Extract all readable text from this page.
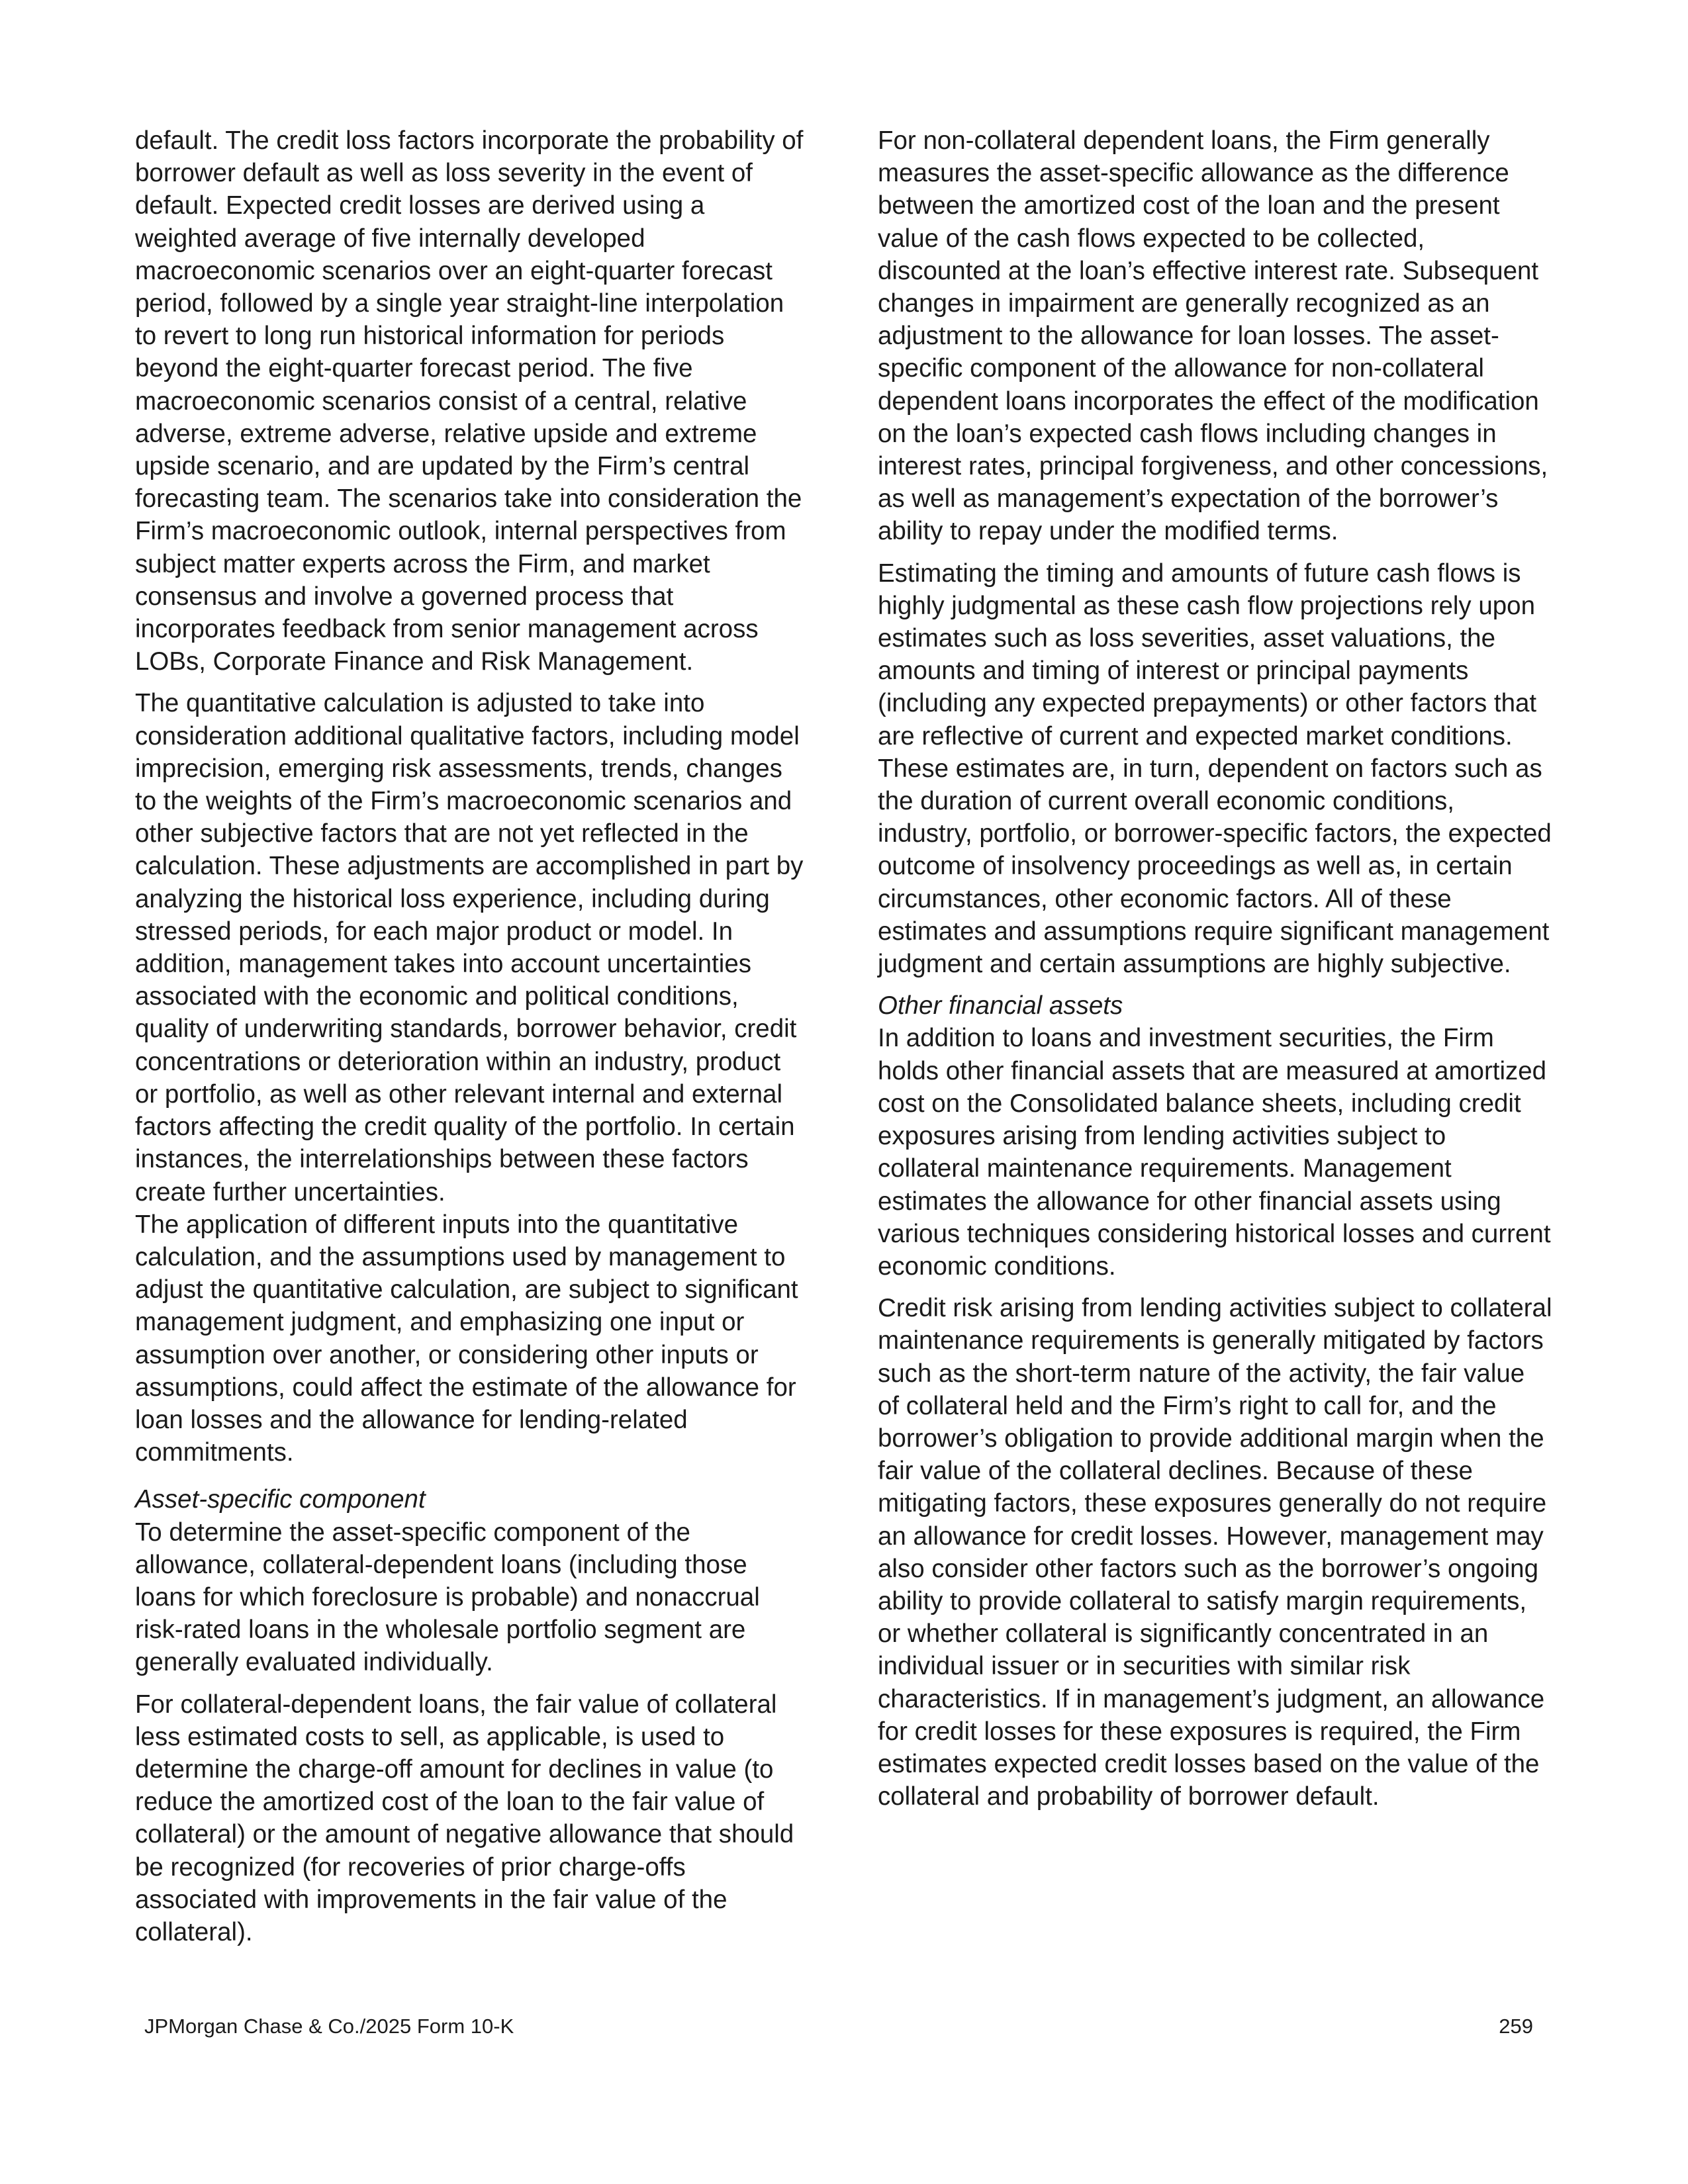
default. The credit loss factors incorporate the probability of borrower default as well as loss severity in the event of default. Expected credit losses are derived using a weighted average of five internally developed macroeconomic scenarios over an eight-quarter forecast period, followed by a single year straight-line interpolation to revert to long run historical information for periods beyond the eight-quarter forecast period. The five macroeconomic scenarios consist of a central, relative adverse, extreme adverse, relative upside and extreme upside scenario, and are updated by the Firm’s central forecasting team. The scenarios take into consideration the Firm’s macroeconomic outlook, internal perspectives from subject matter experts across the Firm, and market consensus and involve a governed process that incorporates feedback from senior management across LOBs, Corporate Finance and Risk Management.

The quantitative calculation is adjusted to take into consideration additional qualitative factors, including model imprecision, emerging risk assessments, trends, changes to the weights of the Firm’s macroeconomic scenarios and other subjective factors that are not yet reflected in the calculation. These adjustments are accomplished in part by analyzing the historical loss experience, including during stressed periods, for each major product or model. In addition, management takes into account uncertainties associated with the economic and political conditions, quality of underwriting standards, borrower behavior, credit concentrations or deterioration within an industry, product or portfolio, as well as other relevant internal and external factors affecting the credit quality of the portfolio. In certain instances, the interrelationships between these factors create further uncertainties.

The application of different inputs into the quantitative calculation, and the assumptions used by management to adjust the quantitative calculation, are subject to significant management judgment, and emphasizing one input or assumption over another, or considering other inputs or assumptions, could affect the estimate of the allowance for loan losses and the allowance for lending-related commitments.

Asset-specific component

To determine the asset-specific component of the allowance, collateral-dependent loans (including those loans for which foreclosure is probable) and nonaccrual risk-rated loans in the wholesale portfolio segment are generally evaluated individually.

For collateral-dependent loans, the fair value of collateral less estimated costs to sell, as applicable, is used to determine the charge-off amount for declines in value (to reduce the amortized cost of the loan to the fair value of collateral) or the amount of negative allowance that should be recognized (for recoveries of prior charge-offs associated with improvements in the fair value of the collateral).

For non-collateral dependent loans, the Firm generally measures the asset-specific allowance as the difference between the amortized cost of the loan and the present value of the cash flows expected to be collected, discounted at the loan’s effective interest rate. Subsequent changes in impairment are generally recognized as an adjustment to the allowance for loan losses. The asset-specific component of the allowance for non-collateral dependent loans incorporates the effect of the modification on the loan’s expected cash flows including changes in interest rates, principal forgiveness, and other concessions, as well as management’s expectation of the borrower’s ability to repay under the modified terms.

Estimating the timing and amounts of future cash flows is highly judgmental as these cash flow projections rely upon estimates such as loss severities, asset valuations, the amounts and timing of interest or principal payments (including any expected prepayments) or other factors that are reflective of current and expected market conditions. These estimates are, in turn, dependent on factors such as the duration of current overall economic conditions, industry, portfolio, or borrower-specific factors, the expected outcome of insolvency proceedings as well as, in certain circumstances, other economic factors. All of these estimates and assumptions require significant management judgment and certain assumptions are highly subjective.

Other financial assets

In addition to loans and investment securities, the Firm holds other financial assets that are measured at amortized cost on the Consolidated balance sheets, including credit exposures arising from lending activities subject to collateral maintenance requirements. Management estimates the allowance for other financial assets using various techniques considering historical losses and current economic conditions.

Credit risk arising from lending activities subject to collateral maintenance requirements is generally mitigated by factors such as the short-term nature of the activity, the fair value of collateral held and the Firm’s right to call for, and the borrower’s obligation to provide additional margin when the fair value of the collateral declines. Because of these mitigating factors, these exposures generally do not require an allowance for credit losses. However, management may also consider other factors such as the borrower’s ongoing ability to provide collateral to satisfy margin requirements, or whether collateral is significantly concentrated in an individual issuer or in securities with similar risk characteristics. If in management’s judgment, an allowance for credit losses for these exposures is required, the Firm estimates expected credit losses based on the value of the collateral and probability of borrower default.

JPMorgan Chase & Co./2025 Form 10-K	259
